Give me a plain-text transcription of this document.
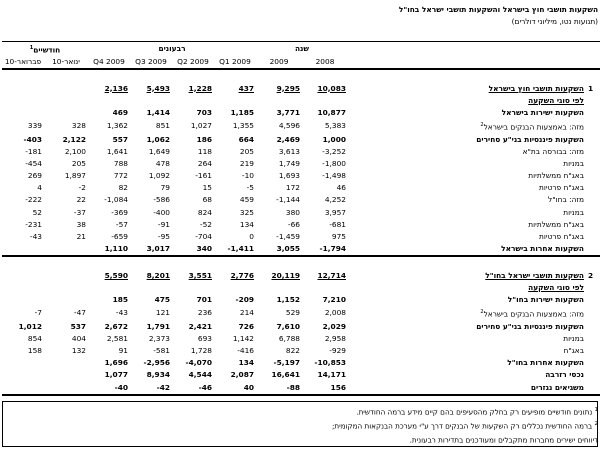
השקעות תושבי חוץ בישראל והשקעות תושבי ישראל בחו"ל									
(תנועות נטו, מיליוני דולרים)									

חודשיים$^1$		רבעונים				שנה			
פברואר-10	ינואר-10	Q4 2009	Q3 2009	Q2 2009	Q1 2009	2009	2008		

		2,136	5,493	1,228	437	9,295	10,083	השקעות תושבי חוץ בישראל	1
								לפי סוגי השקעה	
		469	1,414	703	1,185	3,771	10,877	השקעות ישירות בישראל	
339	328	1,362	851	1,027	1,355	4,596	5,383	מזה: באמצעות הבנקים בישראל$^2$	
-403	2,122	557	1,062	186	664	2,469	1,000	השקעות פיננסיות בני"ע סחירים	
-181	2,100	1,641	1,649	118	205	3,613	-3,252	מזה: בבורסה בת"א	
-454	205	788	478	264	219	1,749	-1,800	במניות	
269	1,897	772	1,092	-161	-10	1,693	-1,498	באג"ח ממשלתיות	
4	-2	82	79	15	-5	172	46	באג"ח פרטיות	
-222	22	-1,084	-586	68	459	-1,144	4,252	מזה: בחו"ל	
52	-37	-369	-400	824	325	380	3,957	במניות	
-231	38	-57	-91	-52	134	-66	-681	באג"ח ממשלתיות	
-43	21	-659	-95	-704	0	-1,459	975	באג"ח פרטיות	
		1,110	3,017	340	-1,411	3,055	-1,794	השקעות אחרות בישראל	

		5,590	8,201	3,551	2,776	20,119	12,714	השקעות תושבי ישראל בחו"ל	2
								לפי סוגי השקעה	
		185	475	701	-209	1,152	7,210	השקעות ישירות בחו"ל	
-7	-47	-43	121	236	214	529	2,008	מזה: באמצעות הבנקים בישראל$^2$	
1,012	537	2,672	1,791	2,421	726	7,610	2,029	השקעות פיננסיות בני"ע סחירים	
854	404	2,581	2,373	693	1,142	6,788	2,958	במניות	
158	132	91	-581	1,728	-416	822	-929	באג"ח	
		1,696	-2,956	-4,070	134	-5,197	-10,853	השקעות אחרות בחו"ל	
		1,077	8,934	4,544	2,087	16,641	14,171	נכסי רזרבה	
		-40	-42	-46	40	-88	156	משגיאים נגזרים	
$^1$ נתונים חודשיים מופיעים רק בחלק מהסעיפים בהם קיים מידע ברמה החודשית.
$^2$ ברמה החודשית נכללים רק השקעות של הבנקים דרך ע"י מערכת הבנקאות המקומית;
דיווחים ישירים מחברות מתקבלים ומעודכנים בתדירות רבעונית.
